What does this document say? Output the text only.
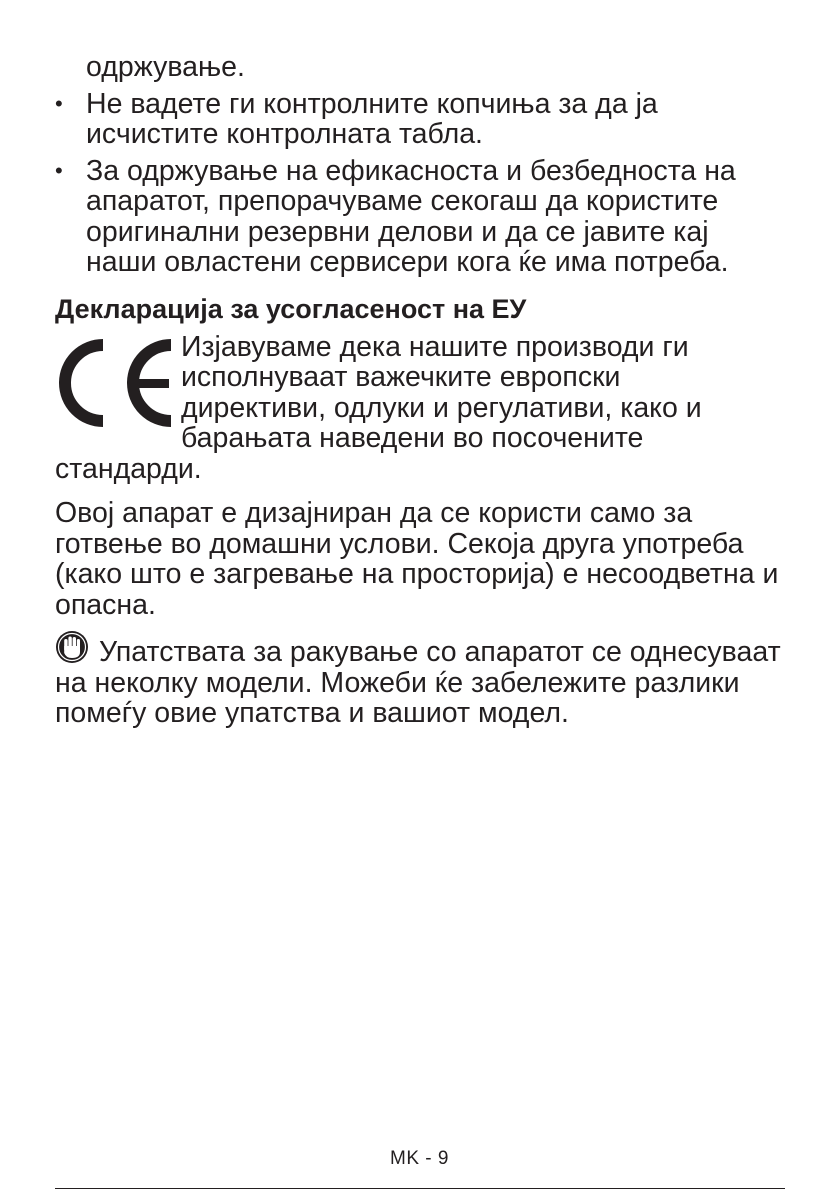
одржување.

• Не вадете ги контролните копчиња за да ја исчистите контролната табла.
• За одржување на ефикасноста и безбедноста на апаратот, препорачуваме секогаш да користите оригинални резервни делови и да се јавите кај наши овластени сервисери кога ќе има потреба.
Декларација за усогласеност на ЕУ
Изјавуваме дека нашите производи ги
исполнуваат важечките европски
директиви, одлуки и регулативи, како и
барањата наведени во посочените
стандарди.

Овој апарат е дизајниран да се користи само за готвење во домашни услови. Секоја друга употреба (како што е загревање на просторија) е несоодветна и опасна.

Упатствата за ракување со апаратот се однесуваат на неколку модели. Можеби ќе забележите разлики помеѓу овие упатства и вашиот модел.

MK - 9
